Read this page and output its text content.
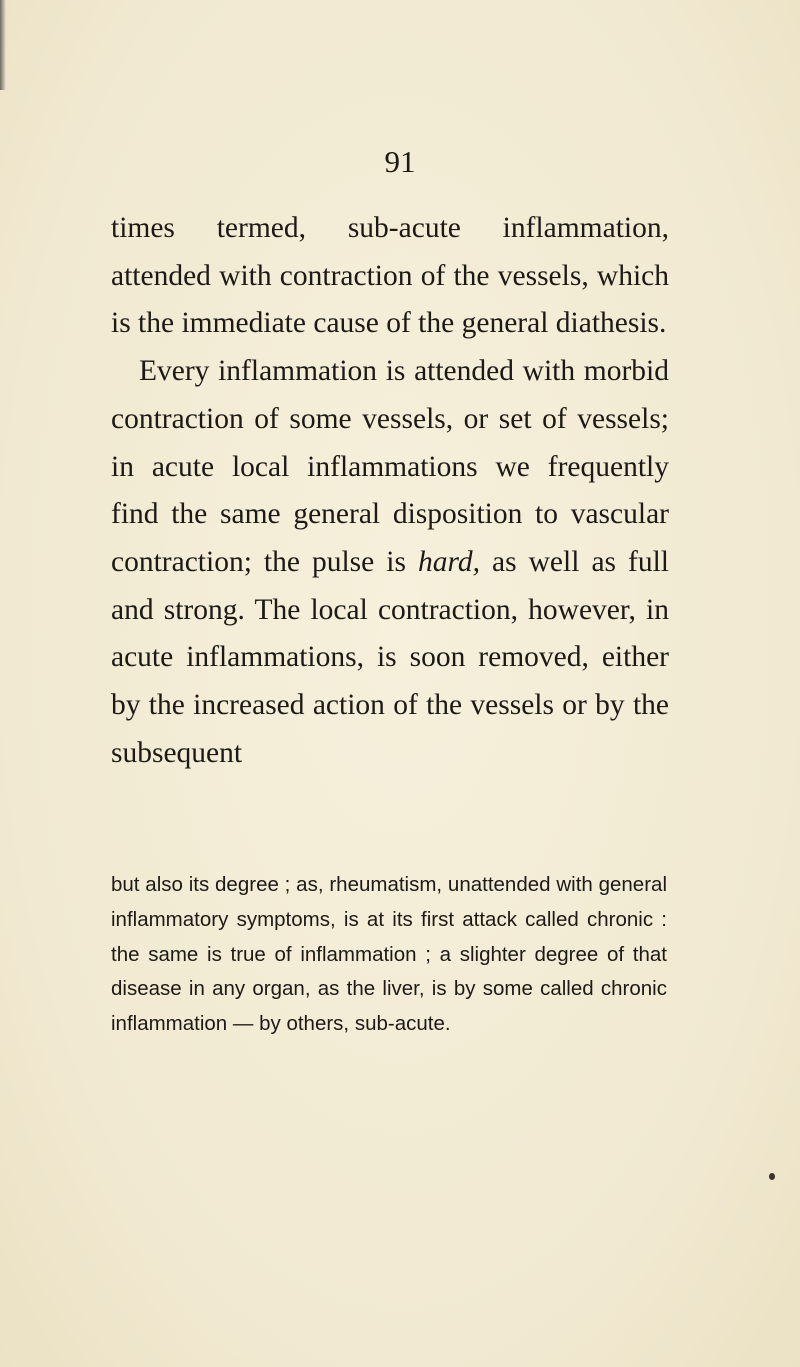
91

times termed, sub-acute inflammation, attended with contraction of the vessels, which is the immediate cause of the general diathesis.

Every inflammation is attended with morbid contraction of some vessels, or set of vessels; in acute local inflammations we frequently find the same general disposition to vascular contraction; the pulse is hard, as well as full and strong. The local contraction, however, in acute inflammations, is soon removed, either by the increased action of the vessels or by the subsequent

but also its degree ; as, rheumatism, unattended with general inflammatory symptoms, is at its first attack called chronic : the same is true of inflammation ; a slighter degree of that disease in any organ, as the liver, is by some called chronic inflammation — by others, sub-acute.
